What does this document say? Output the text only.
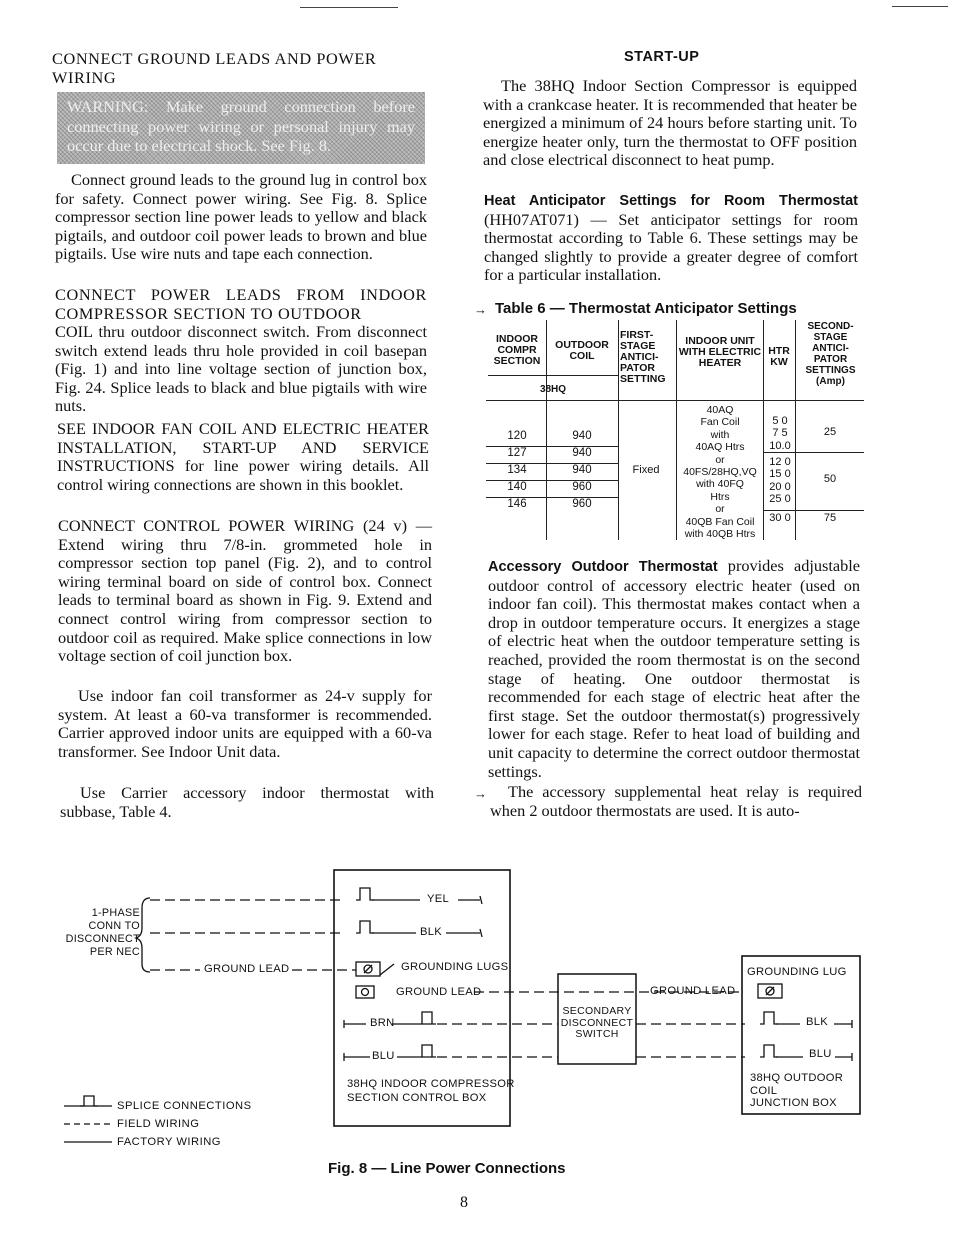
CONNECT GROUND LEADS AND POWER WIRING
WARNING: Make ground connection before connecting power wiring or personal injury may occur due to electrical shock. See Fig. 8.

Connect ground leads to the ground lug in control box for safety. Connect power wiring. See Fig. 8. Splice compressor section line power leads to yellow and black pigtails, and outdoor coil power leads to brown and blue pigtails. Use wire nuts and tape each connection.

CONNECT POWER LEADS FROM INDOOR COMPRESSOR SECTION TO OUTDOOR

COIL thru outdoor disconnect switch. From disconnect switch extend leads thru hole provided in coil basepan (Fig. 1) and into line voltage section of junction box, Fig. 24. Splice leads to black and blue pigtails with wire nuts.

SEE INDOOR FAN COIL AND ELECTRIC HEATER INSTALLATION, START-UP AND SERVICE INSTRUCTIONS for line power wiring details. All control wiring connections are shown in this booklet.

CONNECT CONTROL POWER WIRING (24 v) — Extend wiring thru 7/8-in. grommeted hole in compressor section top panel (Fig. 2), and to control wiring terminal board on side of control box. Connect leads to terminal board as shown in Fig. 9. Extend and connect control wiring from compressor section to outdoor coil as required. Make splice connections in low voltage section of coil junction box.

Use indoor fan coil transformer as 24-v supply for system. At least a 60-va transformer is recommended. Carrier approved indoor units are equipped with a 60-va transformer. See Indoor Unit data.

Use Carrier accessory indoor thermostat with subbase, Table 4.

START-UP

The 38HQ Indoor Section Compressor is equipped with a crankcase heater. It is recommended that heater be energized a minimum of 24 hours before starting unit. To energize heater only, turn the thermostat to OFF position and close electrical disconnect to heat pump.

Heat Anticipator Settings for Room Thermostat (HH07AT071) — Set anticipator settings for room thermostat according to Table 6. These settings may be changed slightly to provide a greater degree of comfort for a particular installation.

→ Table 6 — Thermostat Anticipator Settings
INDOOR COMPR SECTION
OUTDOOR COIL
38HQ
FIRST-STAGE ANTICI-PATOR SETTING
INDOOR UNIT WITH ELECTRIC HEATER
HTR KW
SECOND-STAGE ANTICI-PATOR SETTINGS (Amp)
120
127
134
140
146
940
940
940
960
960
Fixed
40AQ
Fan Coil
with
40AQ Htrs
or
40FS/28HQ,VQ
with 40FQ
Htrs
or
40QB Fan Coil
with 40QB Htrs
5 0
7 5
10.0
12 0
15 0
20 0
25 0
30 0
25
50
75

Accessory Outdoor Thermostat provides adjustable outdoor control of accessory electric heater (used on indoor fan coil). This thermostat makes contact when a drop in outdoor temperature occurs. It energizes a stage of electric heat when the outdoor temperature setting is reached, provided the room thermostat is on the second stage of heating. One outdoor thermostat is recommended for each stage of electric heat after the first stage. Set the outdoor thermostat(s) progressively lower for each stage. Refer to heat load of building and unit capacity to determine the correct outdoor thermostat settings.

→	The accessory supplemental heat relay is required when 2 outdoor thermostats are used. It is auto-

1-PHASE
CONN TO
DISCONNECT
PER NEC
GROUND LEAD
YEL
BLK
GROUNDING LUGS
GROUND LEAD
BRN
BLU
38HQ INDOOR COMPRESSOR
SECTION CONTROL BOX
SECONDARY
DISCONNECT
SWITCH
GROUND LEAD
GROUNDING LUG
BLK
BLU
38HQ OUTDOOR
COIL
JUNCTION BOX
SPLICE CONNECTIONS
FIELD WIRING
FACTORY WIRING
Fig. 8 — Line Power Connections
8
